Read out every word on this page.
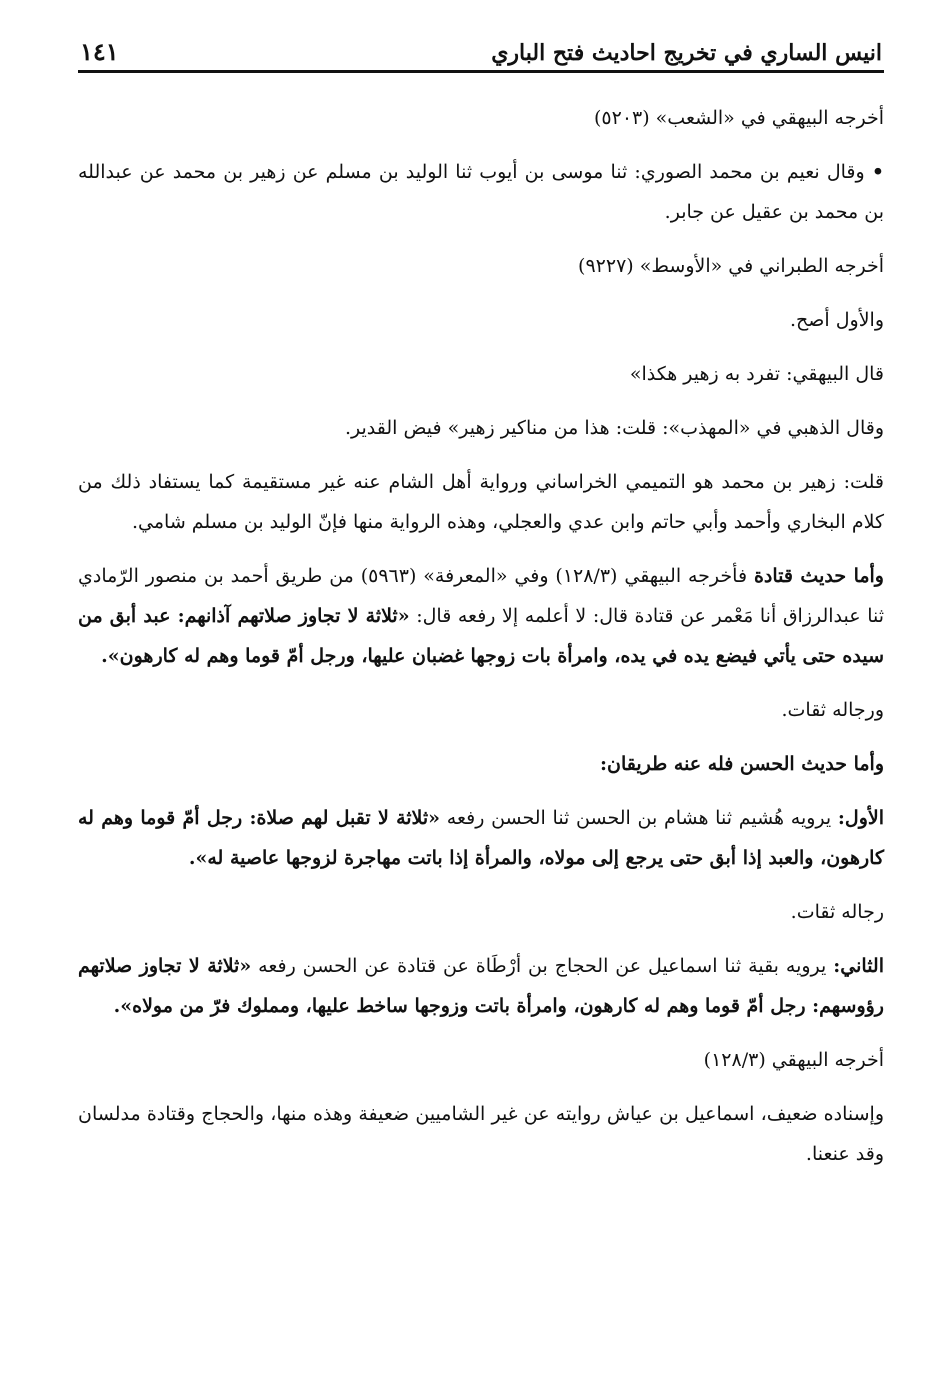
انيس الساري في تخريج احاديث فتح الباري
١٤١

أخرجه البيهقي في «الشعب» (٥٢٠٣)

• وقال نعيم بن محمد الصوري: ثنا موسى بن أيوب ثنا الوليد بن مسلم عن زهير بن محمد عن عبدالله بن محمد بن عقيل عن جابر.

أخرجه الطبراني في «الأوسط» (٩٢٢٧)

والأول أصح.

قال البيهقي: تفرد به زهير هكذا»

وقال الذهبي في «المهذب»: قلت: هذا من مناكير زهير» فيض القدير.

قلت: زهير بن محمد هو التميمي الخراساني ورواية أهل الشام عنه غير مستقيمة كما يستفاد ذلك من كلام البخاري وأحمد وأبي حاتم وابن عدي والعجلي، وهذه الرواية منها فإنّ الوليد بن مسلم شامي.

وأما حديث قتادة فأخرجه البيهقي (١٢٨/٣) وفي «المعرفة» (٥٩٦٣) من طريق أحمد بن منصور الرّمادي ثنا عبدالرزاق أنا مَعْمر عن قتادة قال: لا أعلمه إلا رفعه قال: «ثلاثة لا تجاوز صلاتهم آذانهم: عبد أبق من سيده حتى يأتي فيضع يده في يده، وامرأة بات زوجها غضبان عليها، ورجل أمّ قوما وهم له كارهون».

ورجاله ثقات.

وأما حديث الحسن فله عنه طريقان:

الأول: يرويه هُشيم ثنا هشام بن الحسن ثنا الحسن رفعه «ثلاثة لا تقبل لهم صلاة: رجل أمّ قوما وهم له كارهون، والعبد إذا أبق حتى يرجع إلى مولاه، والمرأة إذا باتت مهاجرة لزوجها عاصية له».

رجاله ثقات.

الثاني: يرويه بقية ثنا اسماعيل عن الحجاج بن أرْطَاة عن قتادة عن الحسن رفعه «ثلاثة لا تجاوز صلاتهم رؤوسهم: رجل أمّ قوما وهم له كارهون، وامرأة باتت وزوجها ساخط عليها، ومملوك فرّ من مولاه».

أخرجه البيهقي (١٢٨/٣)

وإسناده ضعيف، اسماعيل بن عياش روايته عن غير الشاميين ضعيفة وهذه منها، والحجاج وقتادة مدلسان وقد عنعنا.
